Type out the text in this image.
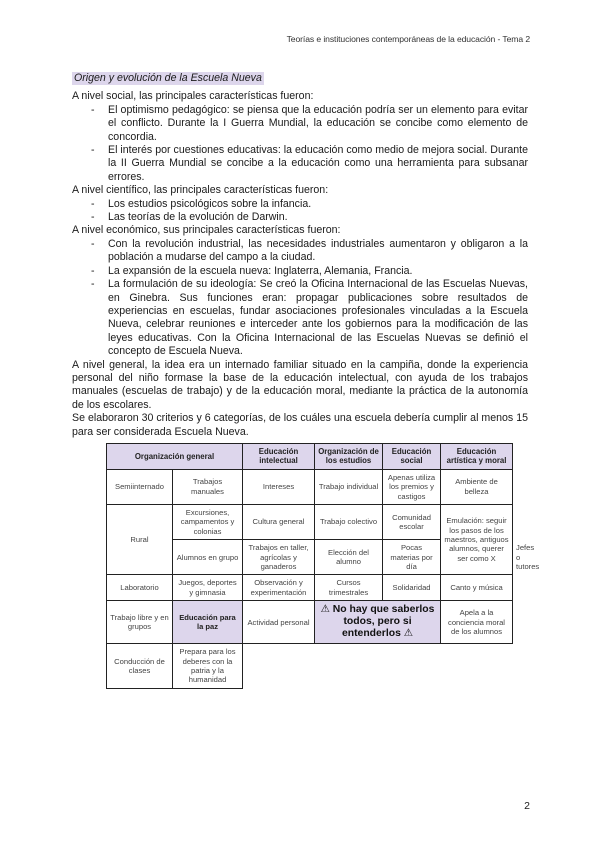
Teorías e instituciones contemporáneas de la educación - Tema 2
Origen y evolución de la Escuela Nueva

A nivel social, las principales características fueron:

- El optimismo pedagógico: se piensa que la educación podría ser un elemento para evitar el conflicto. Durante la I Guerra Mundial, la educación se concibe como elemento de concordia.
- El interés por cuestiones educativas: la educación como medio de mejora social. Durante la II Guerra Mundial se concibe a la educación como una herramienta para subsanar errores.

A nivel científico, las principales características fueron:

- Los estudios psicológicos sobre la infancia.
- Las teorías de la evolución de Darwin.

A nivel económico, sus principales características fueron:

- Con la revolución industrial, las necesidades industriales aumentaron y obligaron a la población a mudarse del campo a la ciudad.
- La expansión de la escuela nueva: Inglaterra, Alemania, Francia.
- La formulación de su ideología: Se creó la Oficina Internacional de las Escuelas Nuevas, en Ginebra. Sus funciones eran: propagar publicaciones sobre resultados de experiencias en escuelas, fundar asociaciones profesionales vinculadas a la Escuela Nueva, celebrar reuniones e interceder ante los gobiernos para la modificación de las leyes educativas. Con la Oficina Internacional de las Escuelas Nuevas se definió el concepto de Escuela Nueva.

A nivel general, la idea era un internado familiar situado en la campiña, donde la experiencia personal del niño formase la base de la educación intelectual, con ayuda de los trabajos manuales (escuelas de trabajo) y de la educación moral, mediante la práctica de la autonomía de los escolares.

Se elaboraron 30 criterios y 6 categorías, de los cuáles una escuela debería cumplir al menos 15 para ser considerada Escuela Nueva.

Organización general		Educación intelectual	Organización de los estudios	Educación social	Educación artística y moral	
Semiinternado	Trabajos manuales	Intereses	Trabajo individual	Apenas utiliza los premios y castigos	Ambiente de belleza	
Rural	Excursiones, campamentos y colonias	Cultura general	Trabajo colectivo	Comunidad escolar	Emulación: seguir los pasos de los maestros, antiguos alumnos, querer ser como X	
	Alumnos en grupo	Trabajos en taller, agrícolas y ganaderos	Elección del alumno	Pocas materias por día		Jefes o tutores
Laboratorio	Juegos, deportes y gimnasia	Observación y experimentación	Cursos trimestrales	Solidaridad	Canto y música	
Trabajo libre y en grupos	Educación para la paz	Actividad personal	⚠ No hay que saberlos todos, pero si entenderlos ⚠		Apela a la conciencia moral de los alumnos	
Conducción de clases	Prepara para los deberes con la patria y la humanidad					
2
